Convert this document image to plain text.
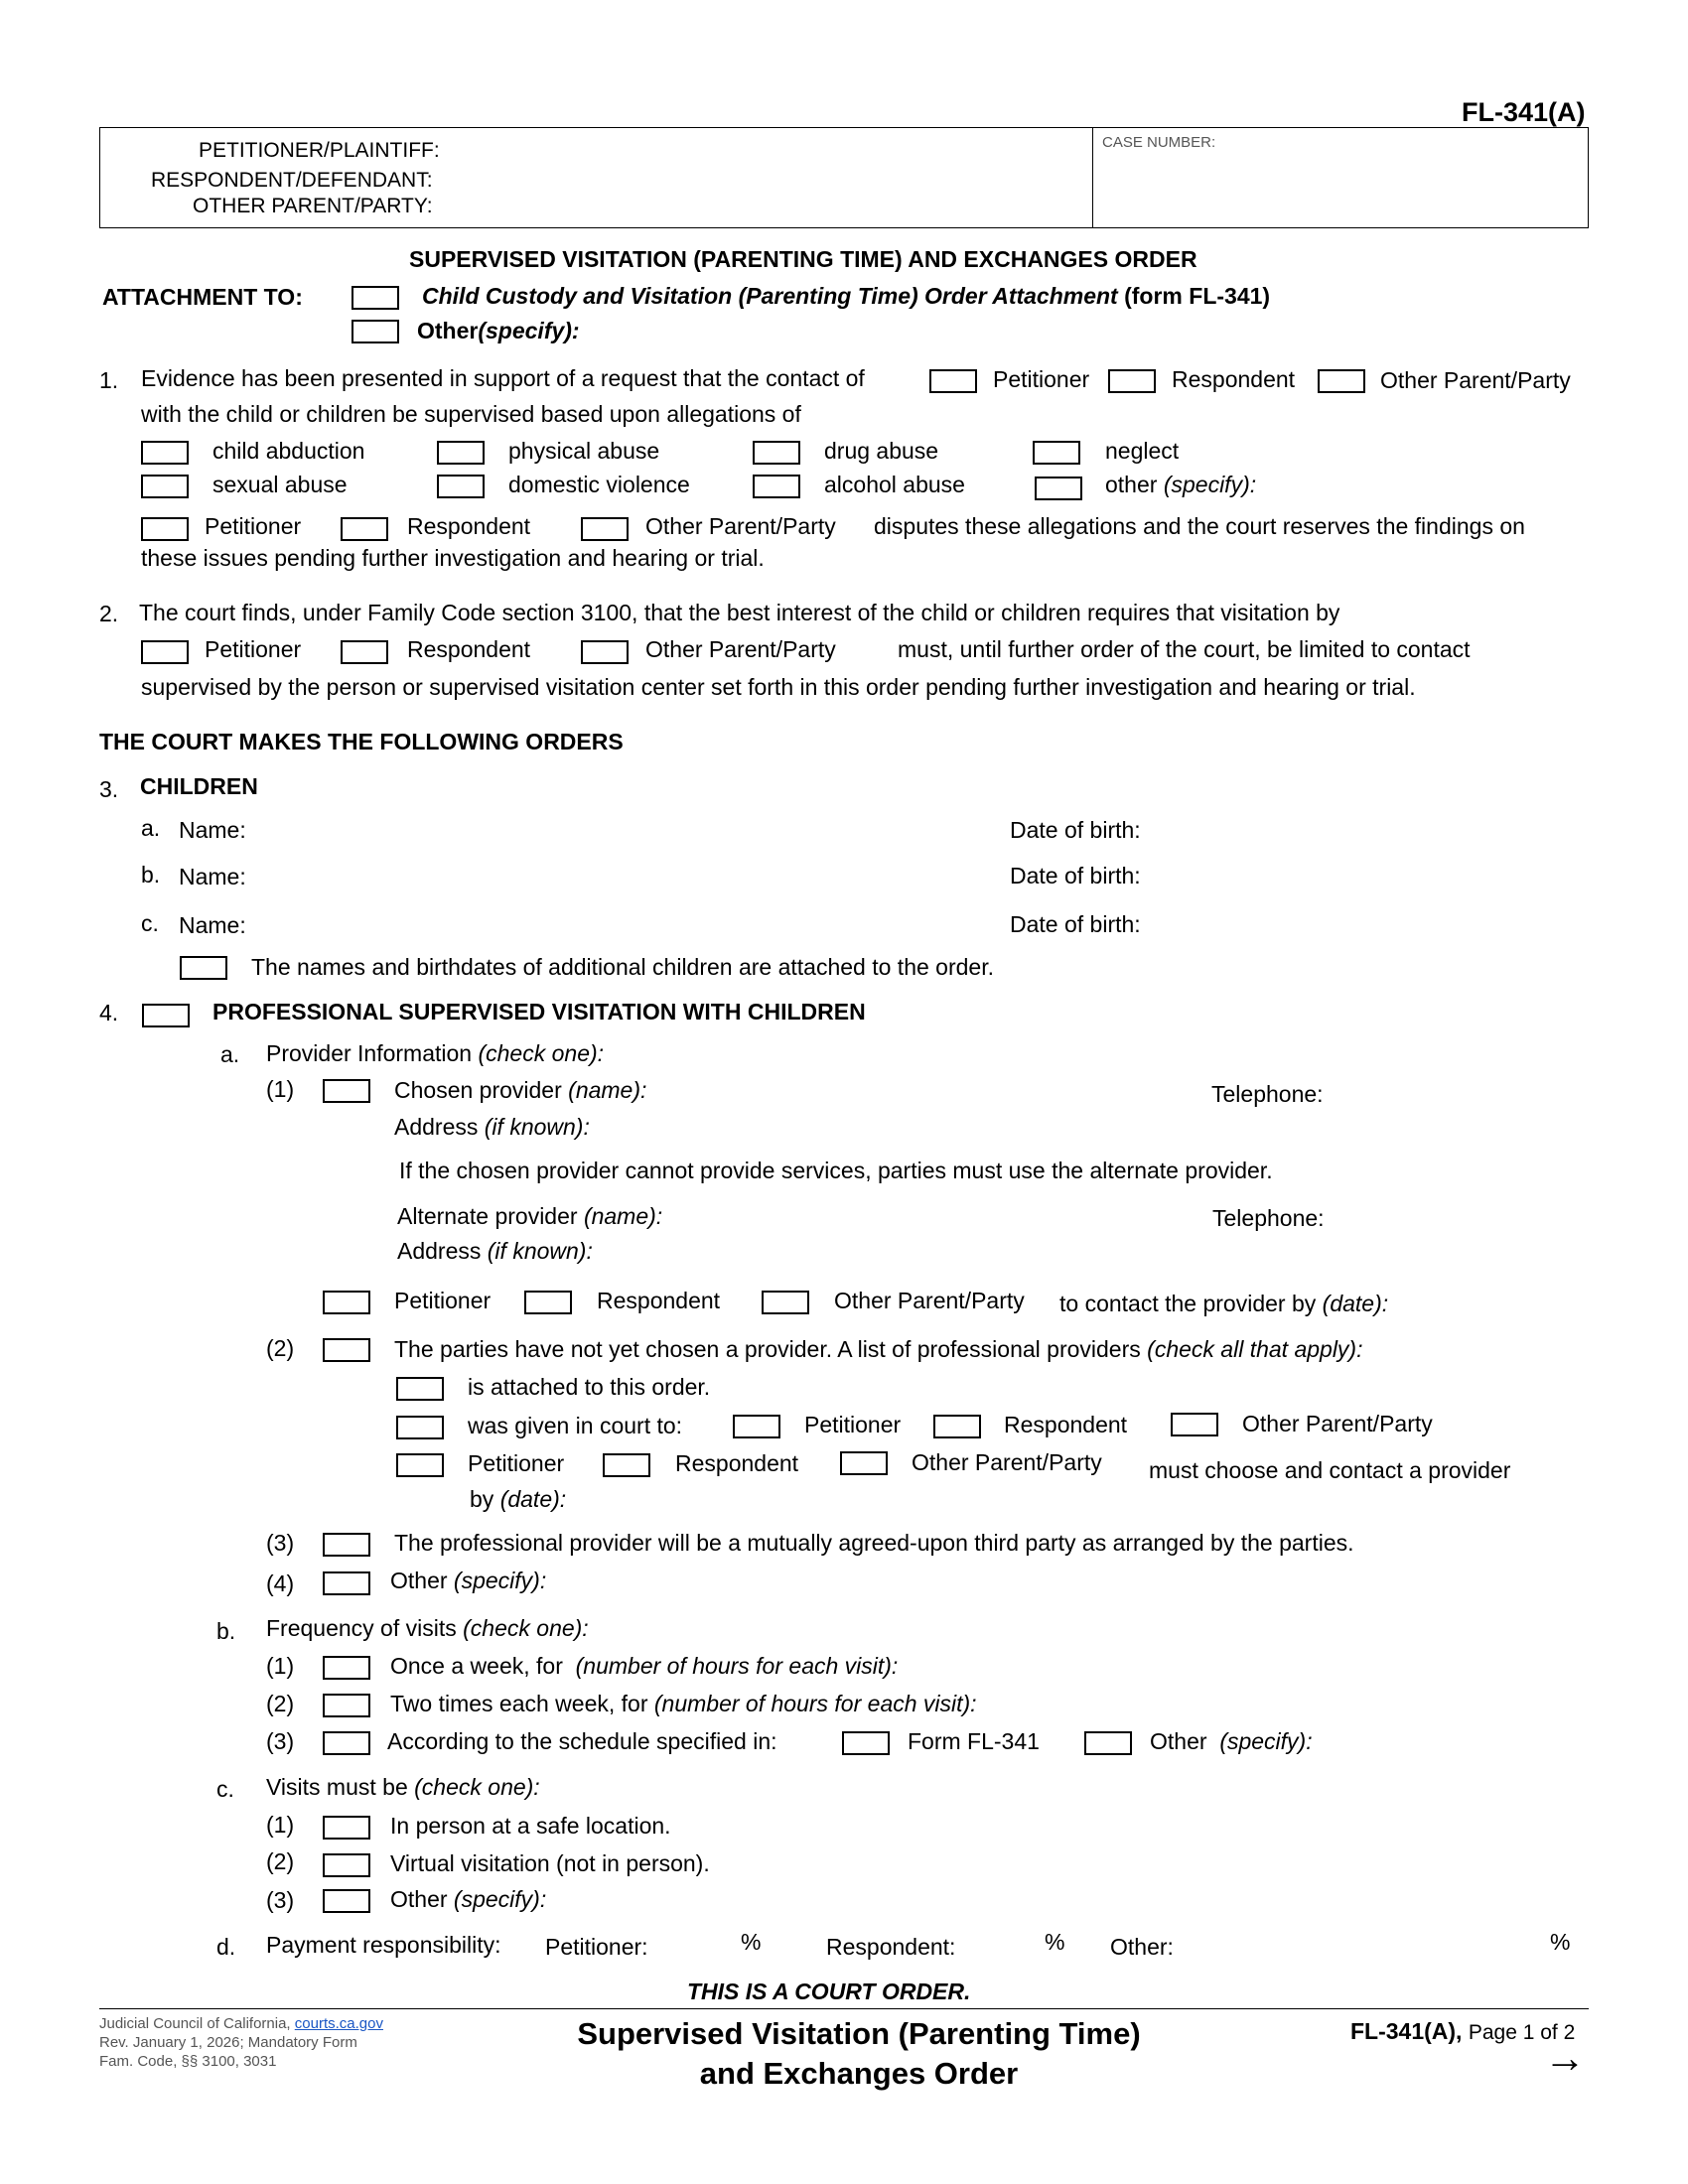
FL-341(A)
PETITIONER/PLAINTIFF:
RESPONDENT/DEFENDANT:
OTHER PARENT/PARTY:
CASE NUMBER:
SUPERVISED VISITATION (PARENTING TIME) AND EXCHANGES ORDER
ATTACHMENT TO:	Child Custody and Visitation (Parenting Time) Order Attachment (form FL-341)
Other(specify):
1. Evidence has been presented in support of a request that the contact of	Petitioner	Respondent	Other Parent/Party
with the child or children be supervised based upon allegations of
child abduction	physical abuse	drug abuse	neglect
sexual abuse	domestic violence	alcohol abuse	other (specify):
Petitioner	Respondent	Other Parent/Party disputes these allegations and the court reserves the findings on
these issues pending further investigation and hearing or trial.
2. The court finds, under Family Code section 3100, that the best interest of the child or children requires that visitation by
Petitioner	Respondent	Other Parent/Party	must, until further order of the court, be limited to contact
supervised by the person or supervised visitation center set forth in this order pending further investigation and hearing or trial.
THE COURT MAKES THE FOLLOWING ORDERS
3. CHILDREN
a. Name:	Date of birth:
b. Name:	Date of birth:
c. Name:	Date of birth:
The names and birthdates of additional children are attached to the order.
4.	PROFESSIONAL SUPERVISED VISITATION WITH CHILDREN
a. Provider Information (check one):
(1)	Chosen provider (name):	Telephone:
Address (if known):
If the chosen provider cannot provide services, parties must use the alternate provider.
Alternate provider (name):	Telephone:
Address (if known):
Petitioner	Respondent	Other Parent/Party to contact the provider by (date):
(2)	The parties have not yet chosen a provider. A list of professional providers (check all that apply):
is attached to this order.
was given in court to:	Petitioner	Respondent	Other Parent/Party
Petitioner	Respondent	Other Parent/Party must choose and contact a provider
by (date):
(3)	The professional provider will be a mutually agreed-upon third party as arranged by the parties.
(4)	Other (specify):
b. Frequency of visits (check one):
(1)	Once a week, for (number of hours for each visit):
(2)	Two times each week, for (number of hours for each visit):
(3)	According to the schedule specified in:	Form FL-341	Other (specify):
c. Visits must be (check one):
(1)	In person at a safe location.
(2)	Virtual visitation (not in person).
(3)	Other (specify):
d. Payment responsibility: Petitioner:	%	Respondent:	% Other:	%
THIS IS A COURT ORDER.
Judicial Council of California, courts.ca.gov
Rev. January 1, 2026; Mandatory Form
Fam. Code, §§ 3100, 3031
Supervised Visitation (Parenting Time)
and Exchanges Order
FL-341(A), Page 1 of 2
→
